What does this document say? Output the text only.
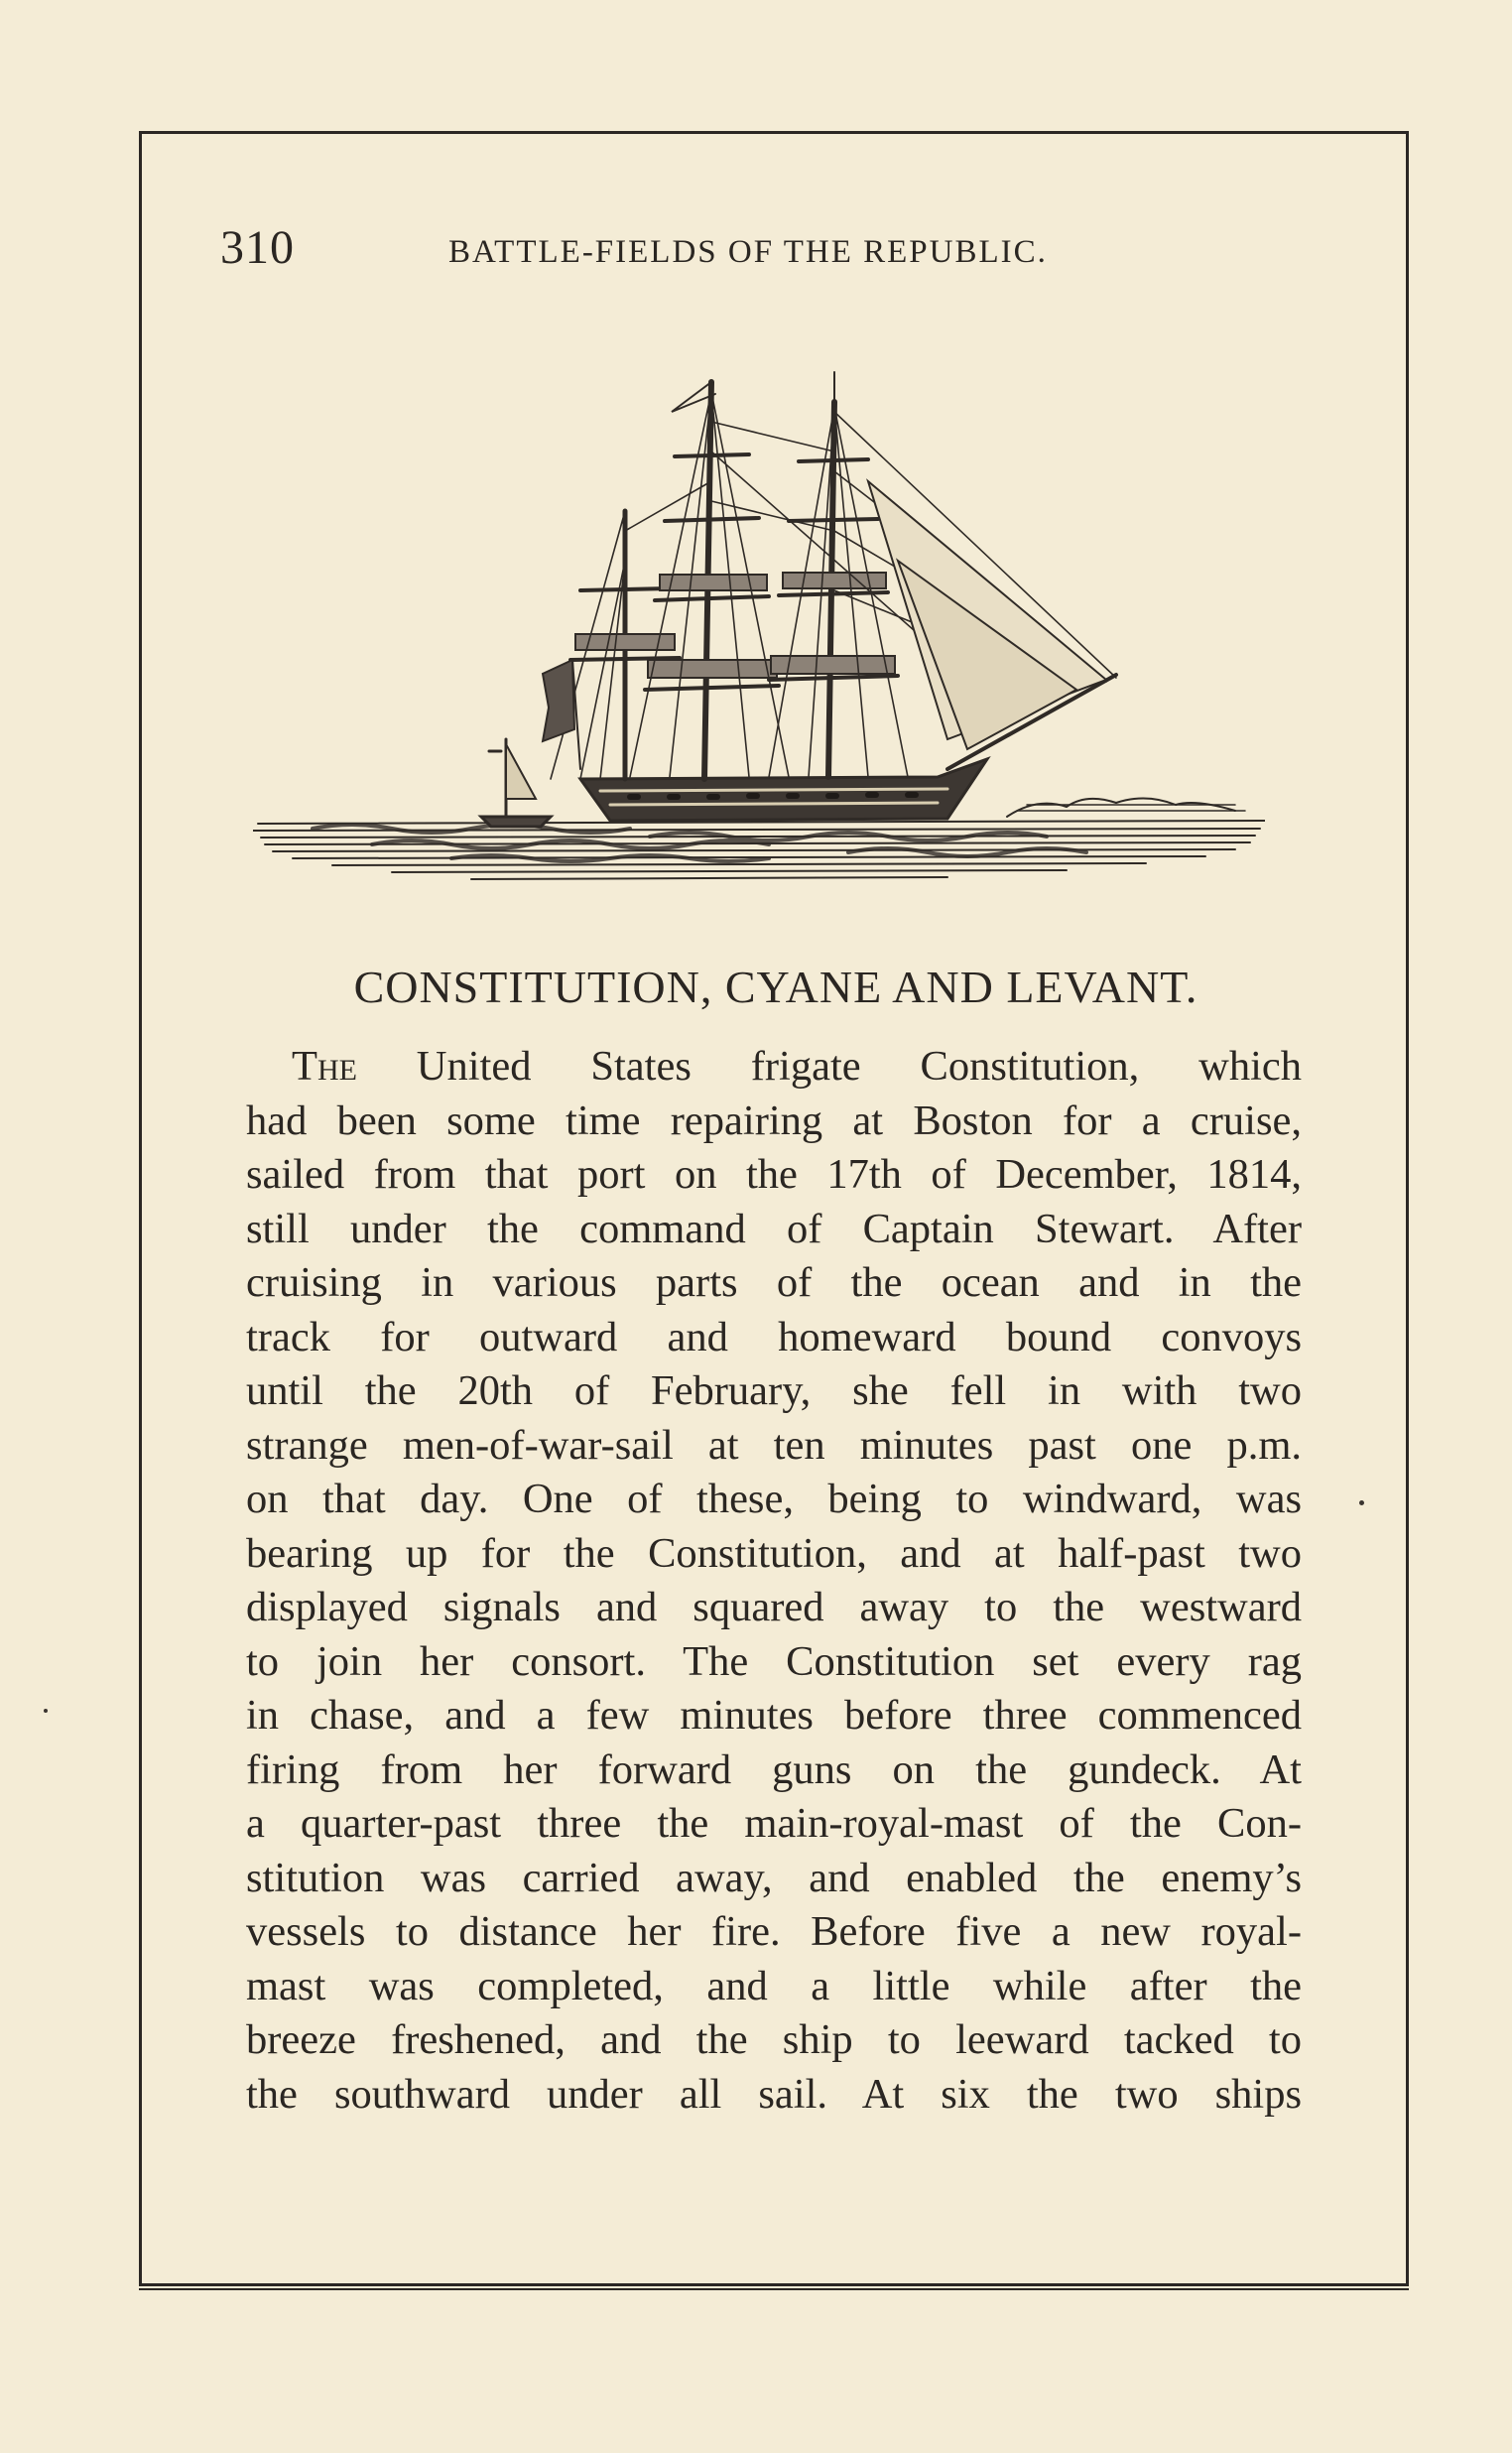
310	BATTLE-FIELDS OF THE REPUBLIC.
CONSTITUTION, CYANE AND LEVANT.
The United States frigate Constitution, which
had been some time repairing at Boston for a cruise,
sailed from that port on the 17th of December, 1814,
still under the command of Captain Stewart. After
cruising in various parts of the ocean and in the
track for outward and homeward bound convoys
until the 20th of February, she fell in with two
strange men-of-war-sail at ten minutes past one p.m.
on that day. One of these, being to windward, was
bearing up for the Constitution, and at half-past two
displayed signals and squared away to the westward
to join her consort. The Constitution set every rag
in chase, and a few minutes before three commenced
firing from her forward guns on the gundeck. At
a quarter-past three the main-royal-mast of the Con-
stitution was carried away, and enabled the enemy’s
vessels to distance her fire. Before five a new royal-
mast was completed, and a little while after the
breeze freshened, and the ship to leeward tacked to
the southward under all sail. At six the two ships
